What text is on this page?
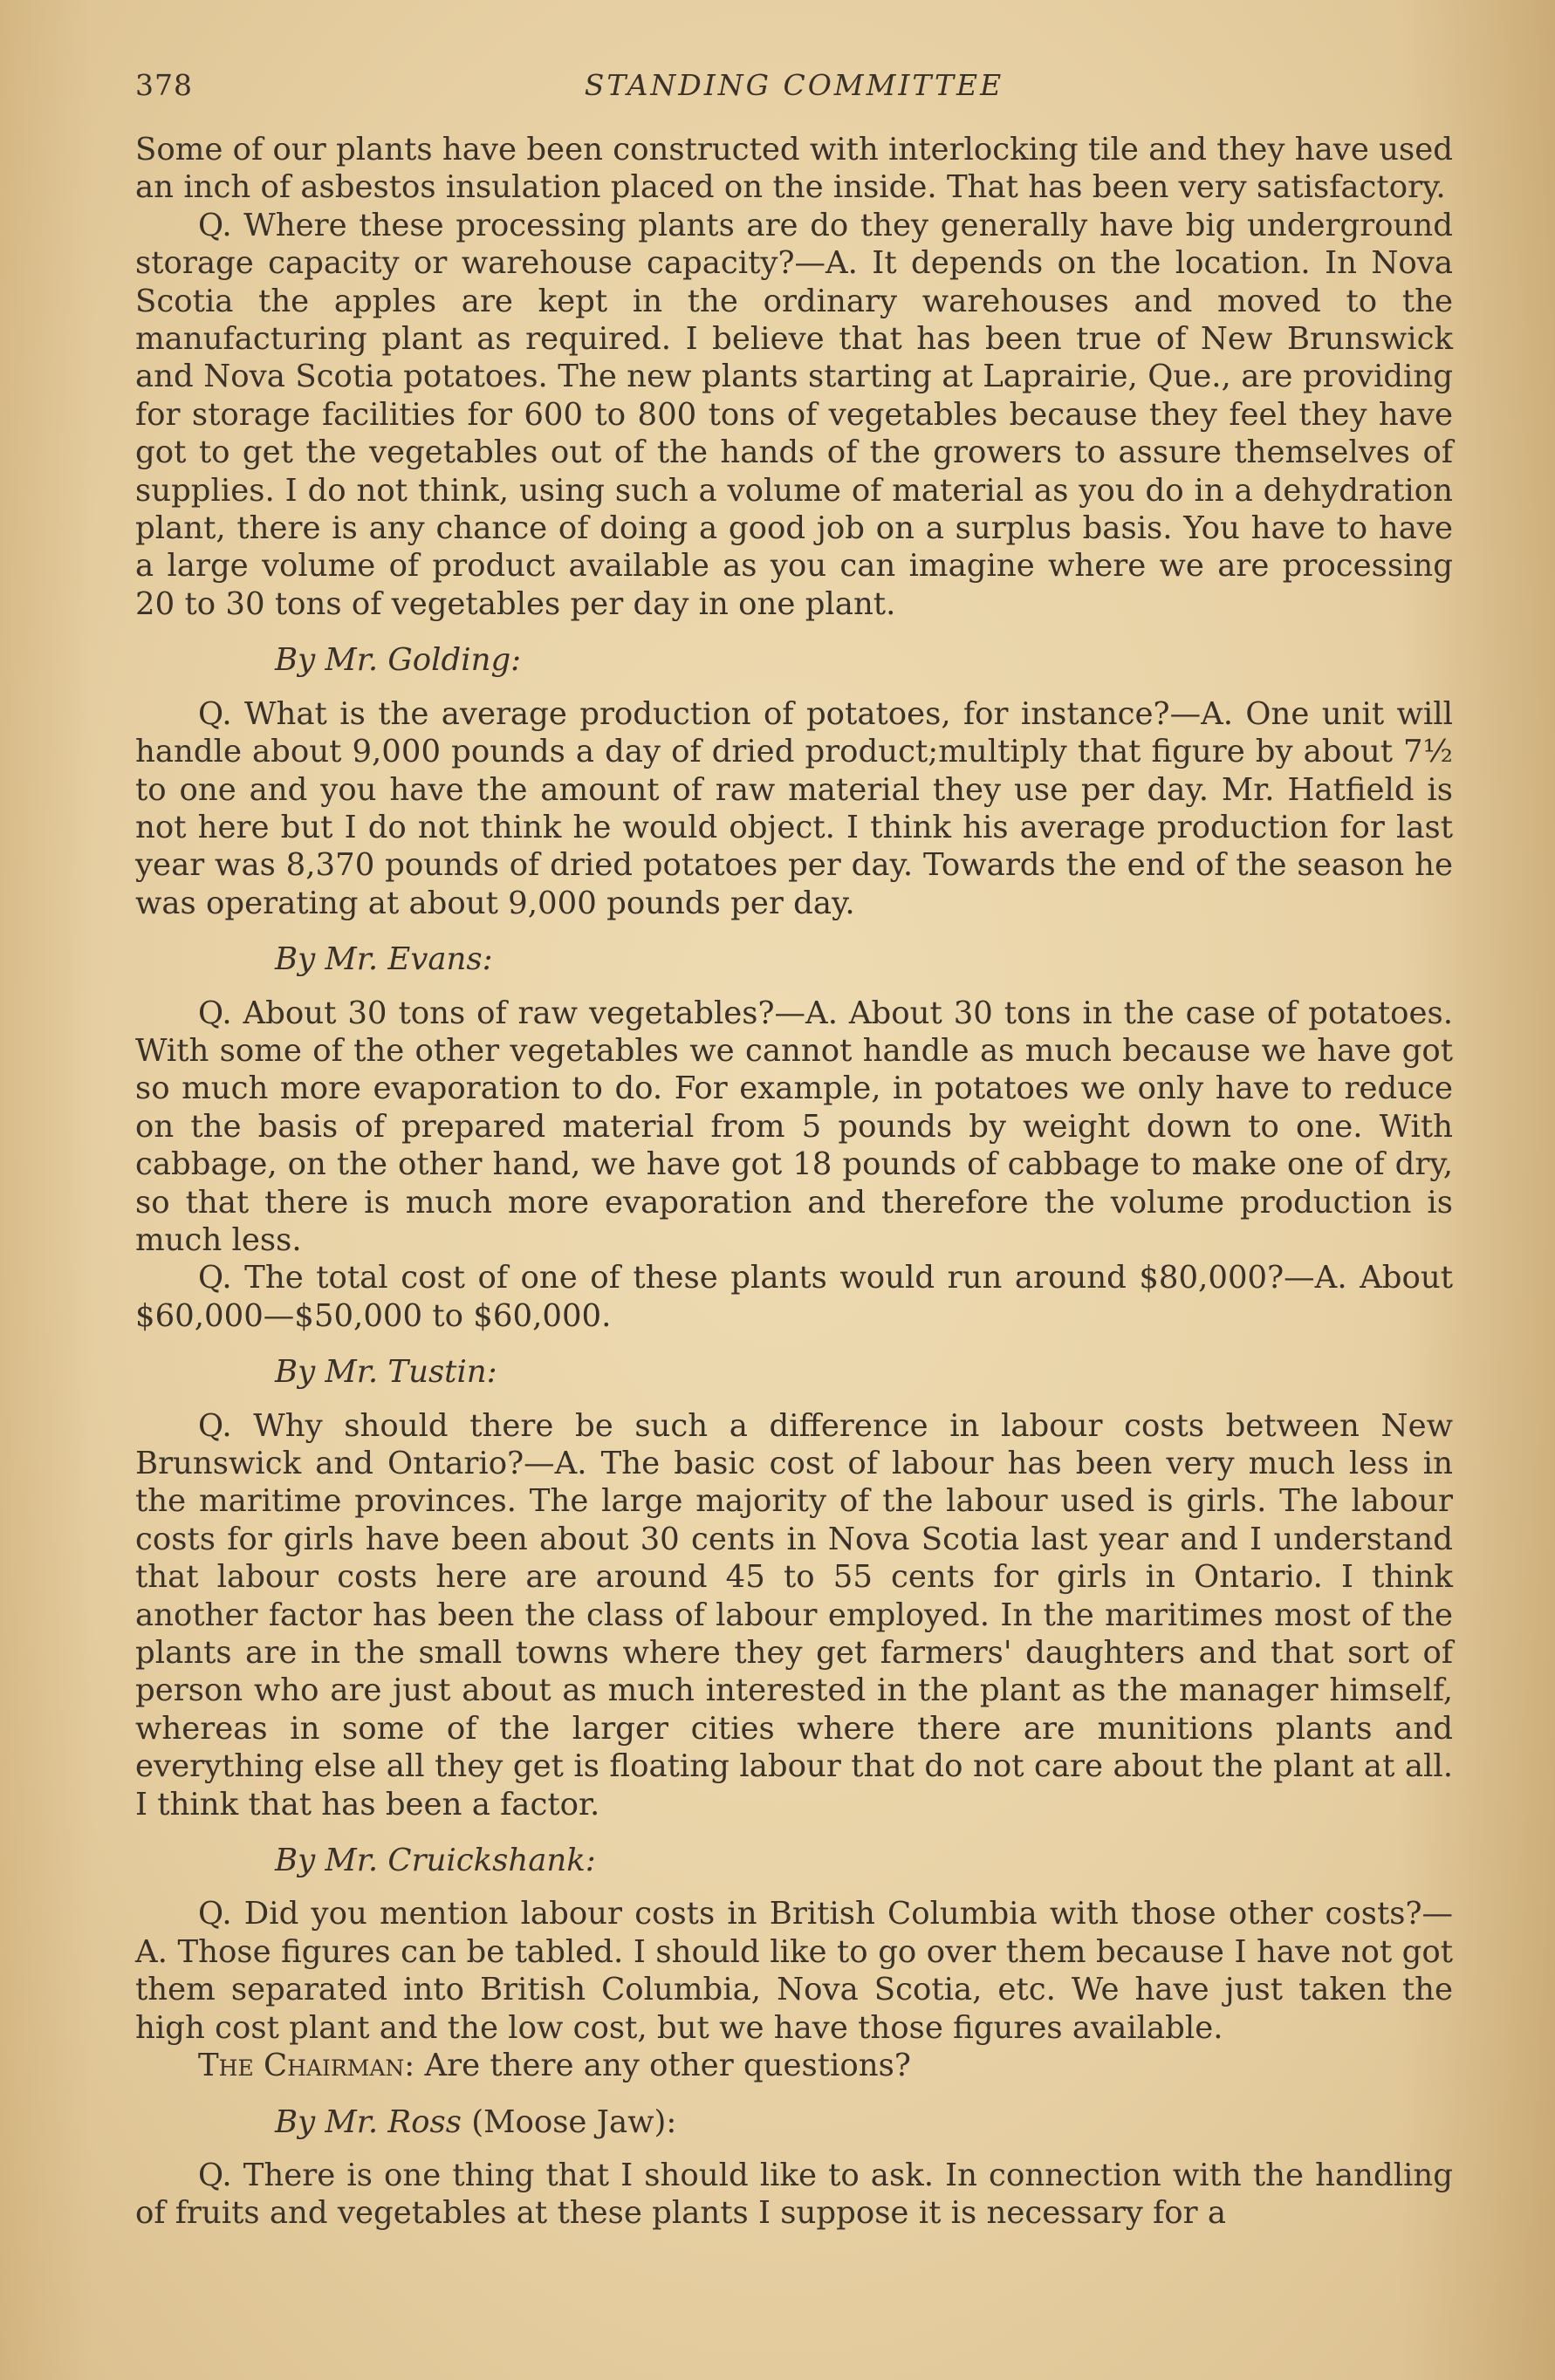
378	STANDING COMMITTEE

Some of our plants have been constructed with interlocking tile and they have used an inch of asbestos insulation placed on the inside. That has been very satisfactory.

Q. Where these processing plants are do they generally have big underground storage capacity or warehouse capacity?—A. It depends on the location. In Nova Scotia the apples are kept in the ordinary warehouses and moved to the manufacturing plant as required. I believe that has been true of New Brunswick and Nova Scotia potatoes. The new plants starting at Laprairie, Que., are providing for storage facilities for 600 to 800 tons of vegetables because they feel they have got to get the vegetables out of the hands of the growers to assure themselves of supplies. I do not think, using such a volume of material as you do in a dehydration plant, there is any chance of doing a good job on a surplus basis. You have to have a large volume of product available as you can imagine where we are processing 20 to 30 tons of vegetables per day in one plant.

By Mr. Golding:

Q. What is the average production of potatoes, for instance?—A. One unit will handle about 9,000 pounds a day of dried product;multiply that figure by about 7½ to one and you have the amount of raw material they use per day. Mr. Hatfield is not here but I do not think he would object. I think his average production for last year was 8,370 pounds of dried potatoes per day. Towards the end of the season he was operating at about 9,000 pounds per day.

By Mr. Evans:

Q. About 30 tons of raw vegetables?—A. About 30 tons in the case of potatoes. With some of the other vegetables we cannot handle as much because we have got so much more evaporation to do. For example, in potatoes we only have to reduce on the basis of prepared material from 5 pounds by weight down to one. With cabbage, on the other hand, we have got 18 pounds of cabbage to make one of dry, so that there is much more evaporation and therefore the volume production is much less.

Q. The total cost of one of these plants would run around $80,000?—A. About $60,000—$50,000 to $60,000.

By Mr. Tustin:

Q. Why should there be such a difference in labour costs between New Brunswick and Ontario?—A. The basic cost of labour has been very much less in the maritime provinces. The large majority of the labour used is girls. The labour costs for girls have been about 30 cents in Nova Scotia last year and I understand that labour costs here are around 45 to 55 cents for girls in Ontario. I think another factor has been the class of labour employed. In the maritimes most of the plants are in the small towns where they get farmers' daughters and that sort of person who are just about as much interested in the plant as the manager himself, whereas in some of the larger cities where there are munitions plants and everything else all they get is floating labour that do not care about the plant at all. I think that has been a factor.

By Mr. Cruickshank:

Q. Did you mention labour costs in British Columbia with those other costs?—A. Those figures can be tabled. I should like to go over them because I have not got them separated into British Columbia, Nova Scotia, etc. We have just taken the high cost plant and the low cost, but we have those figures available.

The Chairman: Are there any other questions?

By Mr. Ross (Moose Jaw):

Q. There is one thing that I should like to ask. In connection with the handling of fruits and vegetables at these plants I suppose it is necessary for a
